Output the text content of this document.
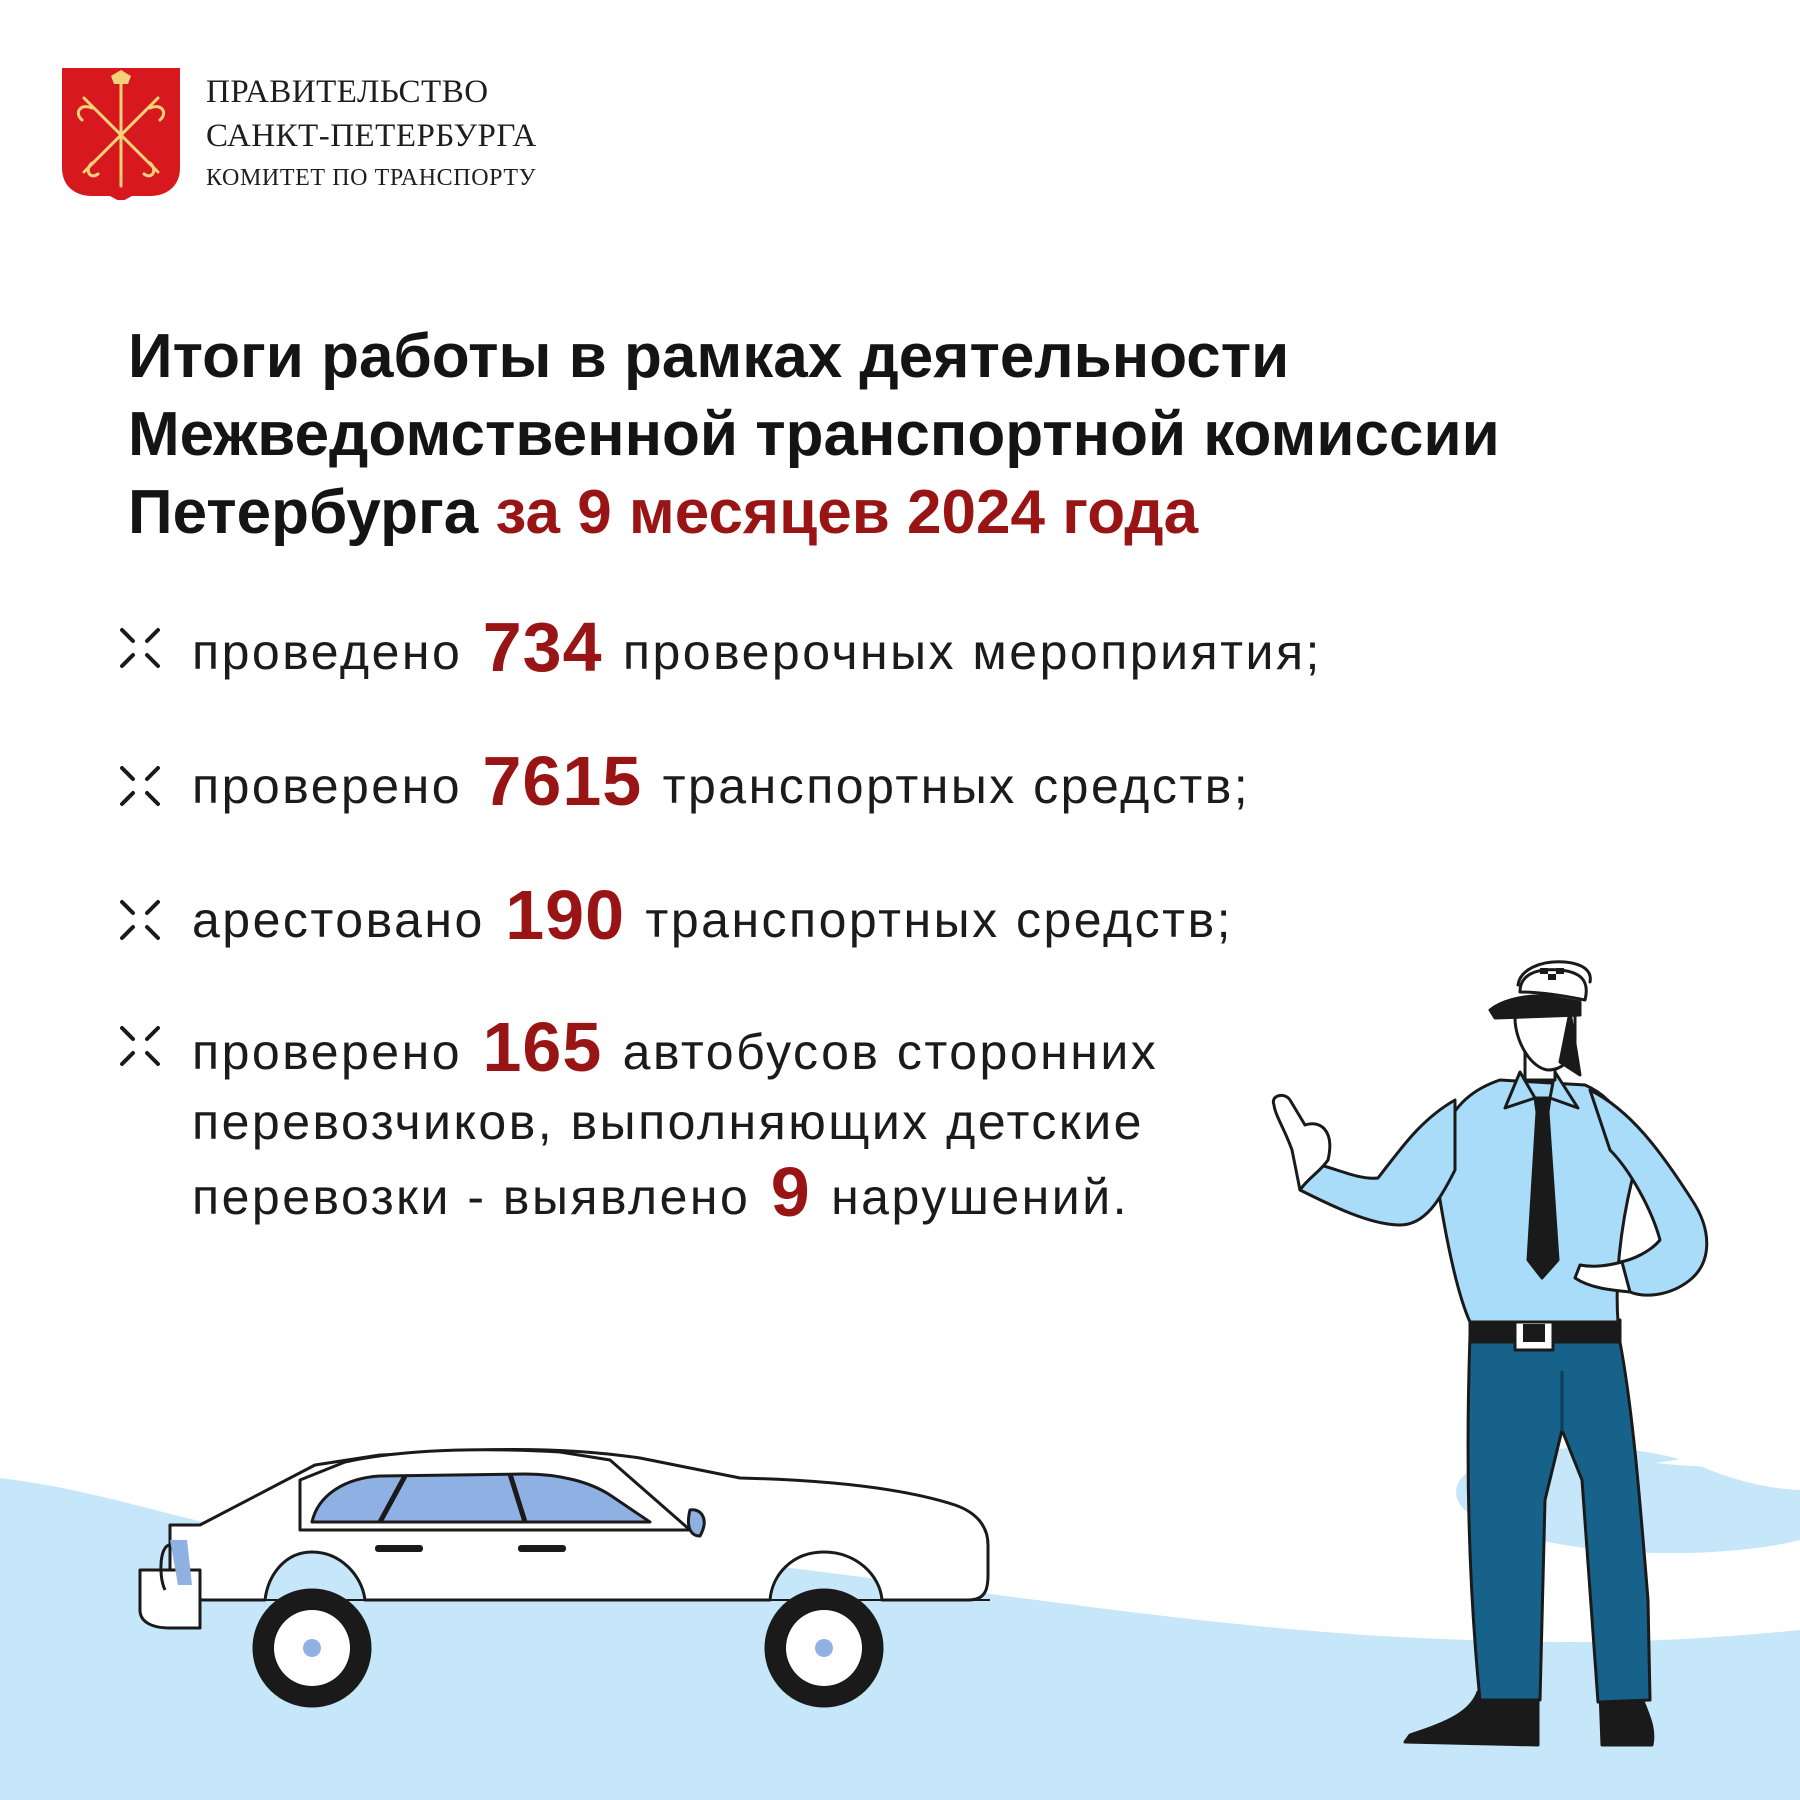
ПРАВИТЕЛЬСТВО
САНКТ-ПЕТЕРБУРГА
КОМИТЕТ ПО ТРАНСПОРТУ
Итоги работы в рамках деятельности
Межведомственной транспортной комиссии
Петербурга за 9 месяцев 2024 года
проведено 734 проверочных мероприятия;
проверено 7615 транспортных средств;
арестовано 190 транспортных средств;
проверено 165 автобусов сторонних
перевозчиков, выполняющих детские
перевозки - выявлено 9 нарушений.
